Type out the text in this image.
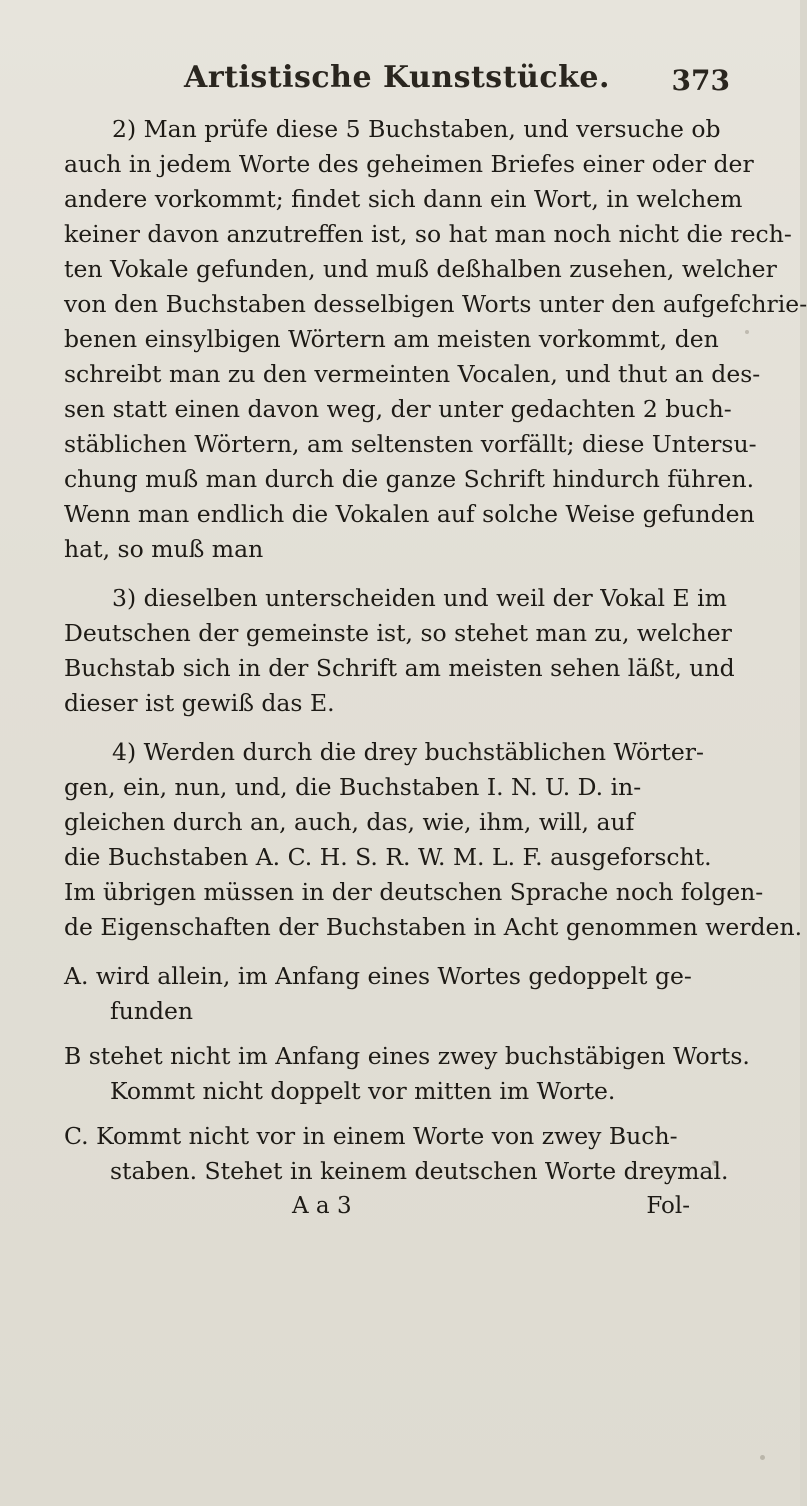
Artistische Kunststücke. 373

2) Man prüfe diese 5 Buchstaben, und versuche ob
auch in jedem Worte des geheimen Briefes einer oder der
andere vorkommt; findet sich dann ein Wort, in welchem
keiner davon anzutreffen ist, so hat man noch nicht die rech-
ten Vokale gefunden, und muß deßhalben zusehen, welcher
von den Buchstaben desselbigen Worts unter den aufgefchrie-
benen einsylbigen Wörtern am meisten vorkommt, den
schreibt man zu den vermeinten Vocalen, und thut an des-
sen statt einen davon weg, der unter gedachten 2 buch-
stäblichen Wörtern, am seltensten vorfällt; diese Untersu-
chung muß man durch die ganze Schrift hindurch führen.
Wenn man endlich die Vokalen auf solche Weise gefunden
hat, so muß man

3) dieselben unterscheiden und weil der Vokal E im
Deutschen der gemeinste ist, so stehet man zu, welcher
Buchstab sich in der Schrift am meisten sehen läßt, und
dieser ist gewiß das E.

4) Werden durch die drey buchstäblichen Wörter-
gen, ein, nun, und, die Buchstaben I. N. U. D. in-
gleichen durch an, auch, das, wie, ihm, will, auf
die Buchstaben A. C. H. S. R. W. M. L. F. ausgeforscht.
Im übrigen müssen in der deutschen Sprache noch folgen-
de Eigenschaften der Buchstaben in Acht genommen werden.

A. wird allein, im Anfang eines Wortes gedoppelt ge-
funden

B stehet nicht im Anfang eines zwey buchstäbigen Worts.
Kommt nicht doppelt vor mitten im Worte.

C. Kommt nicht vor in einem Worte von zwey Buch-
staben. Stehet in keinem deutschen Worte dreymal.

A a 3	Fol-
